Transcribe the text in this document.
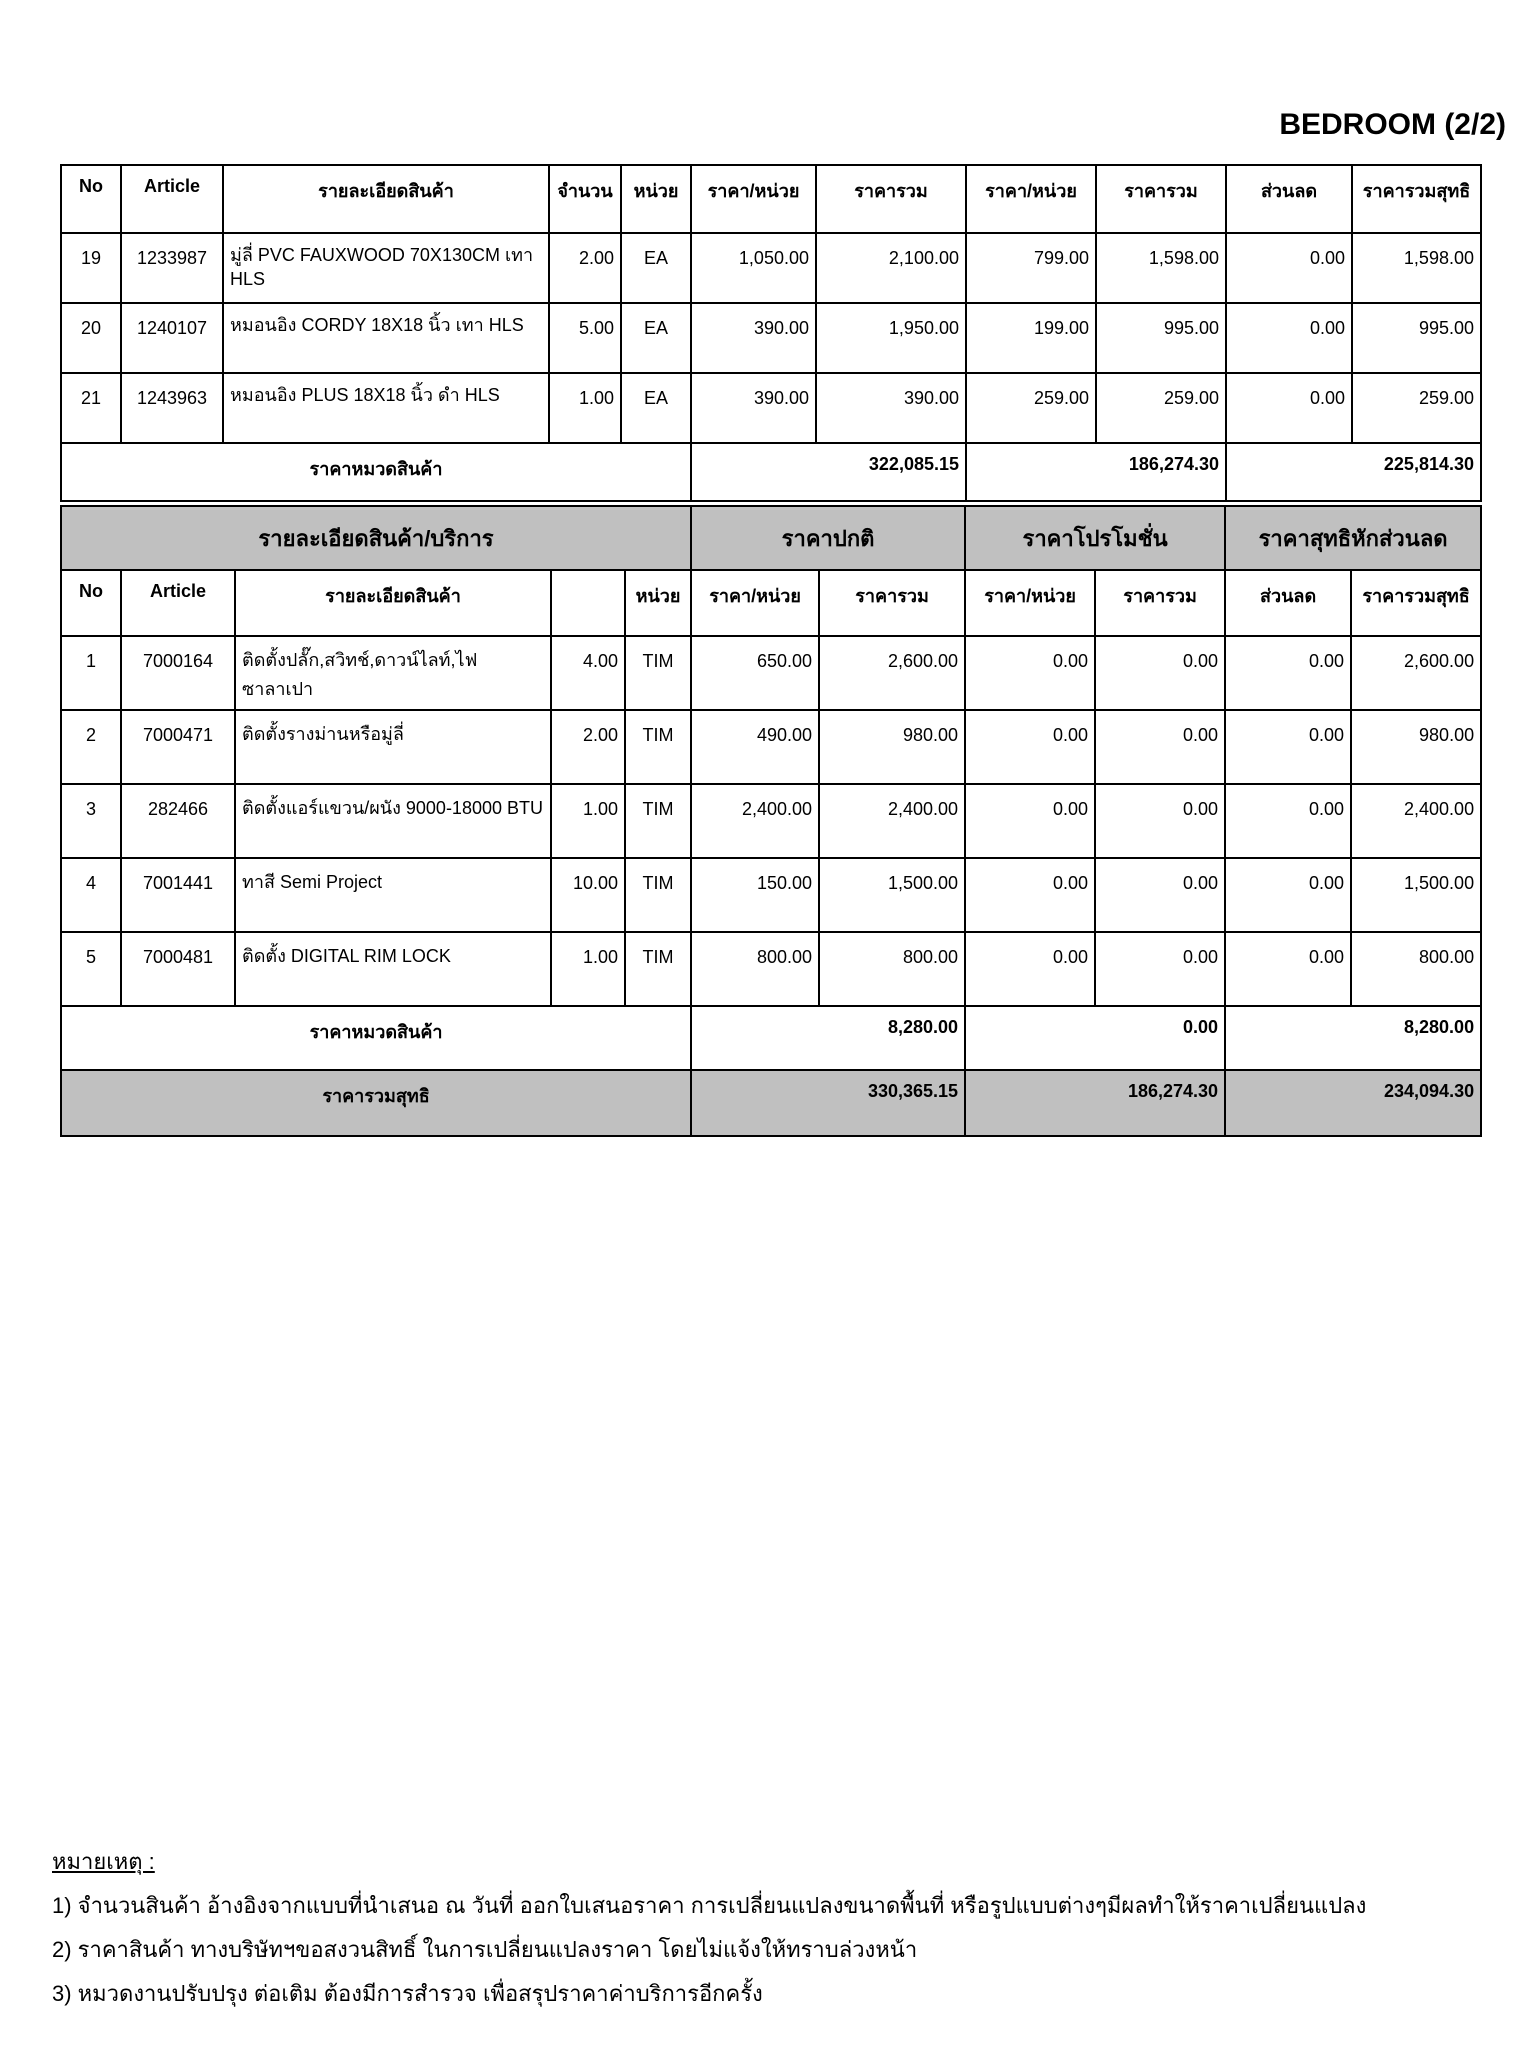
BEDROOM (2/2)
No	Article	รายละเอียดสินค้า	จำนวน	หน่วย	ราคา/หน่วย	ราคารวม	ราคา/หน่วย	ราคารวม	ส่วนลด	ราคารวมสุทธิ
19	1233987	มู่ลี่ PVC FAUXWOOD 70X130CM เทา HLS	2.00	EA	1,050.00	2,100.00	799.00	1,598.00	0.00	1,598.00
20	1240107	หมอนอิง CORDY 18X18 นิ้ว เทา HLS	5.00	EA	390.00	1,950.00	199.00	995.00	0.00	995.00
21	1243963	หมอนอิง PLUS 18X18 นิ้ว ดำ HLS	1.00	EA	390.00	390.00	259.00	259.00	0.00	259.00
ราคาหมวดสินค้า					322,085.15		186,274.30		225,814.30	
รายละเอียดสินค้า/บริการ					ราคาปกติ		ราคาโปรโมชั่น		ราคาสุทธิหักส่วนลด	
No	Article	รายละเอียดสินค้า		หน่วย	ราคา/หน่วย	ราคารวม	ราคา/หน่วย	ราคารวม	ส่วนลด	ราคารวมสุทธิ
1	7000164	ติดตั้งปลั๊ก,สวิทช์,ดาวน์ไลท์,ไฟซาลาเปา	4.00	TIM	650.00	2,600.00	0.00	0.00	0.00	2,600.00
2	7000471	ติดตั้งรางม่านหรือมู่ลี่	2.00	TIM	490.00	980.00	0.00	0.00	0.00	980.00
3	282466	ติดตั้งแอร์แขวน/ผนัง 9000-18000 BTU	1.00	TIM	2,400.00	2,400.00	0.00	0.00	0.00	2,400.00
4	7001441	ทาสี Semi Project	10.00	TIM	150.00	1,500.00	0.00	0.00	0.00	1,500.00
5	7000481	ติดตั้ง DIGITAL RIM LOCK	1.00	TIM	800.00	800.00	0.00	0.00	0.00	800.00
ราคาหมวดสินค้า					8,280.00		0.00		8,280.00	
ราคารวมสุทธิ					330,365.15		186,274.30		234,094.30	
หมายเหตุ :
1) จำนวนสินค้า อ้างอิงจากแบบที่นำเสนอ ณ วันที่ ออกใบเสนอราคา การเปลี่ยนแปลงขนาดพื้นที่ หรือรูปแบบต่างๆมีผลทำให้ราคาเปลี่ยนแปลง
2) ราคาสินค้า ทางบริษัทฯขอสงวนสิทธิ์ ในการเปลี่ยนแปลงราคา โดยไม่แจ้งให้ทราบล่วงหน้า
3) หมวดงานปรับปรุง ต่อเติม ต้องมีการสำรวจ เพื่อสรุปราคาค่าบริการอีกครั้ง
